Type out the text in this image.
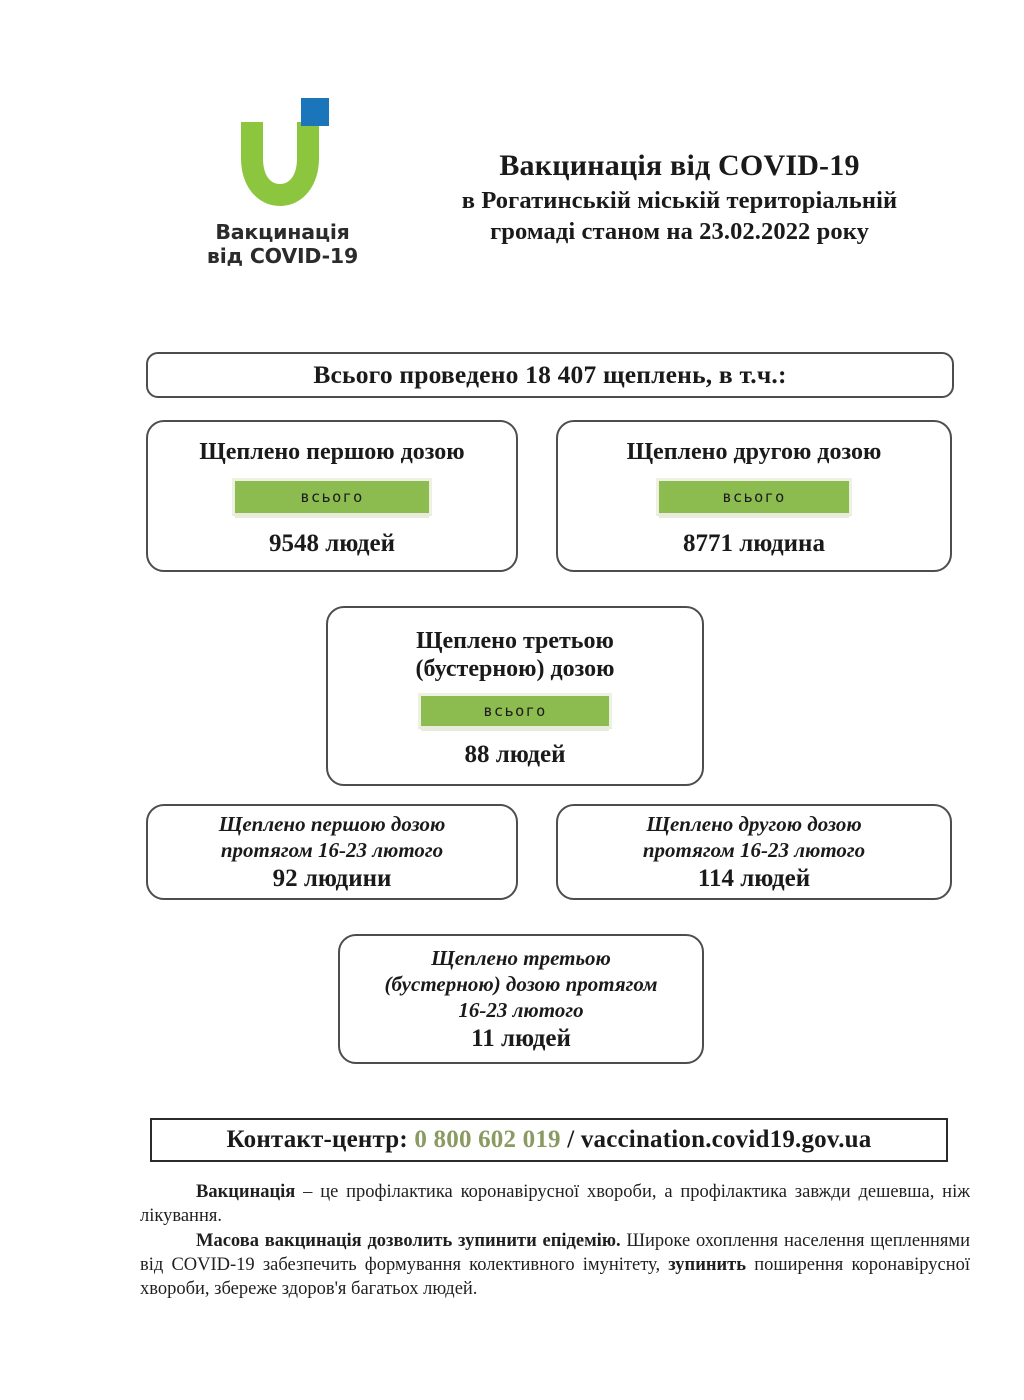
Вакцинація
від COVID-19
Вакцинація від COVID-19
в Рогатинській міській територіальній
громаді станом на 23.02.2022 року
Всього проведено 18 407 щеплень, в т.ч.:
Щеплено першою дозою
всього
9548 людей
Щеплено другою дозою
всього
8771 людина
Щеплено третьою
(бустерною) дозою
всього
88 людей
Щеплено першою дозою
протягом 16-23 лютого
92 людини
Щеплено другою дозою
протягом 16-23 лютого
114 людей
Щеплено третьою
(бустерною) дозою протягом
16-23 лютого
11 людей
Контакт-центр: 0 800 602 019 / vaccination.covid19.gov.ua

Вакцинація – це профілактика коронавірусної хвороби, а профілактика завжди дешевша, ніж лікування.

Масова вакцинація дозволить зупинити епідемію. Широке охоплення населення щепленнями від COVID-19 забезпечить формування колективного імунітету, зупинить поширення коронавірусної хвороби, збереже здоров'я багатьох людей.
